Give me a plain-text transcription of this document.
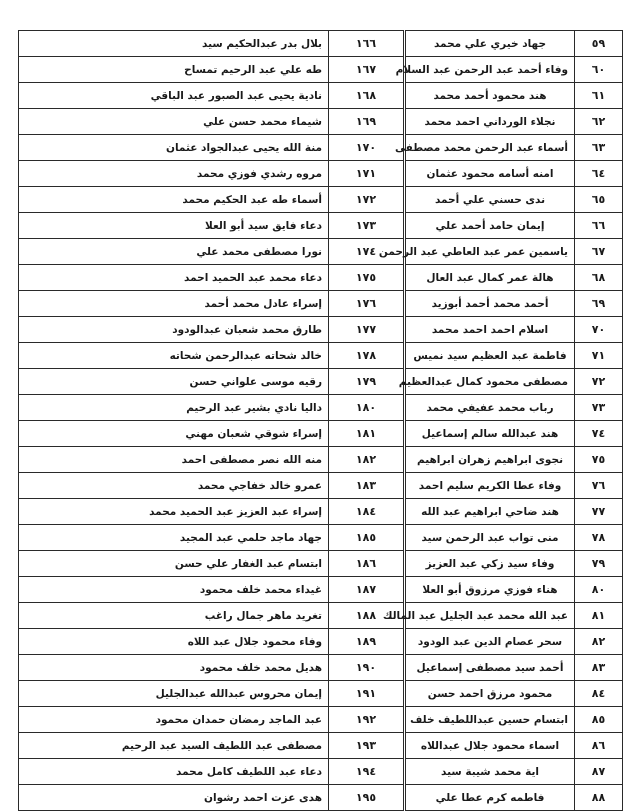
بلال بدر عبدالحكيم سيد	١٦٦	جهاد خيري علي محمد	٥٩
طه علي عبد الرحيم تمساح	١٦٧	وفاء أحمد عبد الرحمن عبد السلام	٦٠
نادية يحيى عبد الصبور عبد الباقي	١٦٨	هند محمود أحمد محمد	٦١
شيماء محمد حسن علي	١٦٩	نجلاء الورداني احمد محمد	٦٢
منة الله يحيى عبدالجواد عثمان	١٧٠	أسماء عبد الرحمن محمد مصطفى	٦٣
مروه رشدي فوزي محمد	١٧١	امنه أسامه محمود عثمان	٦٤
أسماء طه عبد الحكيم محمد	١٧٢	ندى حسني علي أحمد	٦٥
دعاء فايق سيد أبو العلا	١٧٣	إيمان حامد أحمد علي	٦٦
نورا مصطفى محمد علي	١٧٤	ياسمين عمر عبد العاطي عبد الرحمن	٦٧
دعاء محمد عبد الحميد احمد	١٧٥	هالة عمر كمال عبد العال	٦٨
إسراء عادل محمد أحمد	١٧٦	أحمد محمد أحمد أبوزيد	٦٩
طارق محمد شعبان عبدالودود	١٧٧	اسلام احمد احمد محمد	٧٠
خالد شحاته عبدالرحمن شحاته	١٧٨	فاطمة عبد العظيم سيد نميس	٧١
رقيه موسى علواني حسن	١٧٩	مصطفى محمود كمال عبدالعظيم	٧٢
داليا نادي بشير عبد الرحيم	١٨٠	رباب محمد عفيفي محمد	٧٣
إسراء شوقي شعبان مهني	١٨١	هند عبدالله سالم إسماعيل	٧٤
منه الله نصر مصطفى احمد	١٨٢	نجوى ابراهيم زهران ابراهيم	٧٥
عمرو خالد خفاجي محمد	١٨٣	وفاء عطا الكريم سليم احمد	٧٦
إسراء عبد العزيز عبد الحميد محمد	١٨٤	هند ضاحي ابراهيم عبد الله	٧٧
جهاد ماجد حلمي عبد المجيد	١٨٥	منى تواب عبد الرحمن سيد	٧٨
ابتسام عبد الغفار علي حسن	١٨٦	وفاء سيد زكي عبد العزيز	٧٩
غيداء محمد خلف محمود	١٨٧	هناء فوزي مرزوق أبو العلا	٨٠
تغريد ماهر جمال راغب	١٨٨	عبد الله محمد عبد الجليل عبد المالك	٨١
وفاء محمود جلال عبد اللاه	١٨٩	سحر عصام الدين عبد الودود	٨٢
هديل محمد خلف محمود	١٩٠	أحمد سيد مصطفى إسماعيل	٨٣
إيمان محروس عبدالله عبدالجليل	١٩١	محمود مرزق احمد حسن	٨٤
عبد الماجد رمضان حمدان محمود	١٩٢	ابتسام حسين عبداللطيف خلف	٨٥
مصطفى عبد اللطيف السيد عبد الرحيم	١٩٣	اسماء محمود جلال عبداللاه	٨٦
دعاء عبد اللطيف كامل محمد	١٩٤	اية محمد شيبة سيد	٨٧
هدى عزت احمد رشوان	١٩٥	فاطمه كرم عطا علي	٨٨
